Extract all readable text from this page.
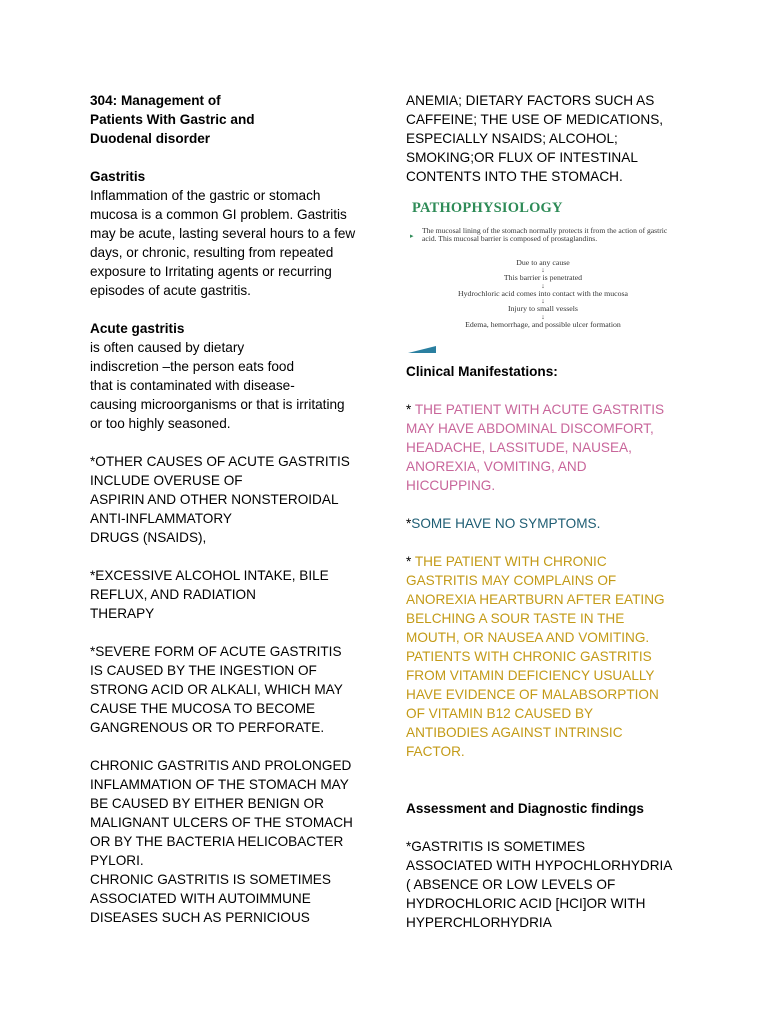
304: Management of
Patients With Gastric and
Duodenal disorder

Gastritis

Inflammation of the gastric or stomach
mucosa is a common GI problem. Gastritis
may be acute, lasting several hours to a few
days, or chronic, resulting from repeated
exposure to Irritating agents or recurring
episodes of acute gastritis.

Acute gastritis

is often caused by dietary
indiscretion –the person eats food
that is contaminated with disease-
causing microorganisms or that is irritating
or too highly seasoned.

*OTHER CAUSES OF ACUTE GASTRITIS
INCLUDE OVERUSE OF
ASPIRIN AND OTHER NONSTEROIDAL
ANTI-INFLAMMATORY
DRUGS (NSAIDS),

*EXCESSIVE ALCOHOL INTAKE, BILE
REFLUX, AND RADIATION
THERAPY

*SEVERE FORM OF ACUTE GASTRITIS
IS CAUSED BY THE INGESTION OF
STRONG ACID OR ALKALI, WHICH MAY
CAUSE THE MUCOSA TO BECOME
GANGRENOUS OR TO PERFORATE.

CHRONIC GASTRITIS AND PROLONGED
INFLAMMATION OF THE STOMACH MAY
BE CAUSED BY EITHER BENIGN OR
MALIGNANT ULCERS OF THE STOMACH
OR BY THE BACTERIA HELICOBACTER
PYLORI.
CHRONIC GASTRITIS IS SOMETIMES
ASSOCIATED WITH AUTOIMMUNE
DISEASES SUCH AS PERNICIOUS

ANEMIA; DIETARY FACTORS SUCH AS
CAFFEINE; THE USE OF MEDICATIONS,
ESPECIALLY NSAIDS; ALCOHOL;
SMOKING;OR FLUX OF INTESTINAL
CONTENTS INTO THE STOMACH.

PATHOPHYSIOLOGY
▸
The mucosal lining of the stomach normally protects it from the action of gastric acid. This mucosal barrier is composed of prostaglandins.
Due to any cause
↓
This barrier is penetrated
↓
Hydrochloric acid comes into contact with the mucosa
↓
Injury to small vessels
↓
Edema, hemorrhage, and possible ulcer formation

Clinical Manifestations:

* THE PATIENT WITH ACUTE GASTRITIS
MAY HAVE ABDOMINAL DISCOMFORT,
HEADACHE, LASSITUDE, NAUSEA,
ANOREXIA, VOMITING, AND
HICCUPPING.

*SOME HAVE NO SYMPTOMS.

* THE PATIENT WITH CHRONIC
GASTRITIS MAY COMPLAINS OF
ANOREXIA HEARTBURN AFTER EATING
BELCHING A SOUR TASTE IN THE
MOUTH, OR NAUSEA AND VOMITING.
PATIENTS WITH CHRONIC GASTRITIS
FROM VITAMIN DEFICIENCY USUALLY
HAVE EVIDENCE OF MALABSORPTION
OF VITAMIN B12 CAUSED BY
ANTIBODIES AGAINST INTRINSIC
FACTOR.

Assessment and Diagnostic findings

*GASTRITIS IS SOMETIMES
ASSOCIATED WITH HYPOCHLORHYDRIA
( ABSENCE OR LOW LEVELS OF
HYDROCHLORIC ACID [HCI]OR WITH
HYPERCHLORHYDRIA
